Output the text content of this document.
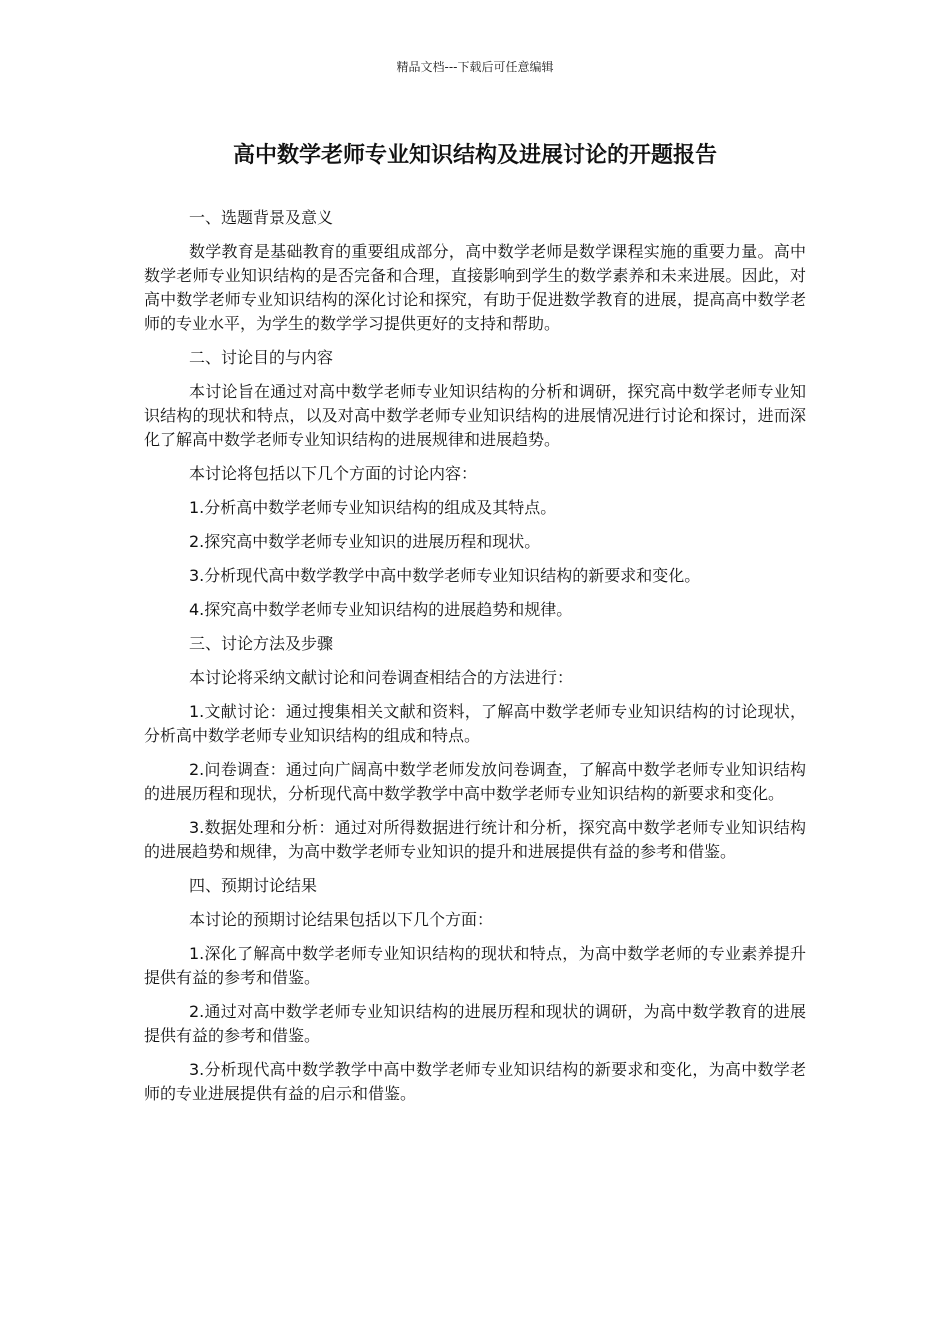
精品文档---下载后可任意编辑
高中数学老师专业知识结构及进展讨论的开题报告

一、选题背景及意义

数学教育是基础教育的重要组成部分，高中数学老师是数学课程实施的重要力量。高中数学老师专业知识结构的是否完备和合理，直接影响到学生的数学素养和未来进展。因此，对高中数学老师专业知识结构的深化讨论和探究，有助于促进数学教育的进展，提高高中数学老师的专业水平，为学生的数学学习提供更好的支持和帮助。

二、讨论目的与内容

本讨论旨在通过对高中数学老师专业知识结构的分析和调研，探究高中数学老师专业知识结构的现状和特点，以及对高中数学老师专业知识结构的进展情况进行讨论和探讨，进而深化了解高中数学老师专业知识结构的进展规律和进展趋势。

本讨论将包括以下几个方面的讨论内容：

1.分析高中数学老师专业知识结构的组成及其特点。

2.探究高中数学老师专业知识的进展历程和现状。

3.分析现代高中数学教学中高中数学老师专业知识结构的新要求和变化。

4.探究高中数学老师专业知识结构的进展趋势和规律。

三、讨论方法及步骤

本讨论将采纳文献讨论和问卷调查相结合的方法进行：

1.文献讨论：通过搜集相关文献和资料，了解高中数学老师专业知识结构的讨论现状，分析高中数学老师专业知识结构的组成和特点。

2.问卷调查：通过向广阔高中数学老师发放问卷调查，了解高中数学老师专业知识结构的进展历程和现状，分析现代高中数学教学中高中数学老师专业知识结构的新要求和变化。

3.数据处理和分析：通过对所得数据进行统计和分析，探究高中数学老师专业知识结构的进展趋势和规律，为高中数学老师专业知识的提升和进展提供有益的参考和借鉴。

四、预期讨论结果

本讨论的预期讨论结果包括以下几个方面：

1.深化了解高中数学老师专业知识结构的现状和特点，为高中数学老师的专业素养提升提供有益的参考和借鉴。

2.通过对高中数学老师专业知识结构的进展历程和现状的调研，为高中数学教育的进展提供有益的参考和借鉴。

3.分析现代高中数学教学中高中数学老师专业知识结构的新要求和变化，为高中数学老师的专业进展提供有益的启示和借鉴。
